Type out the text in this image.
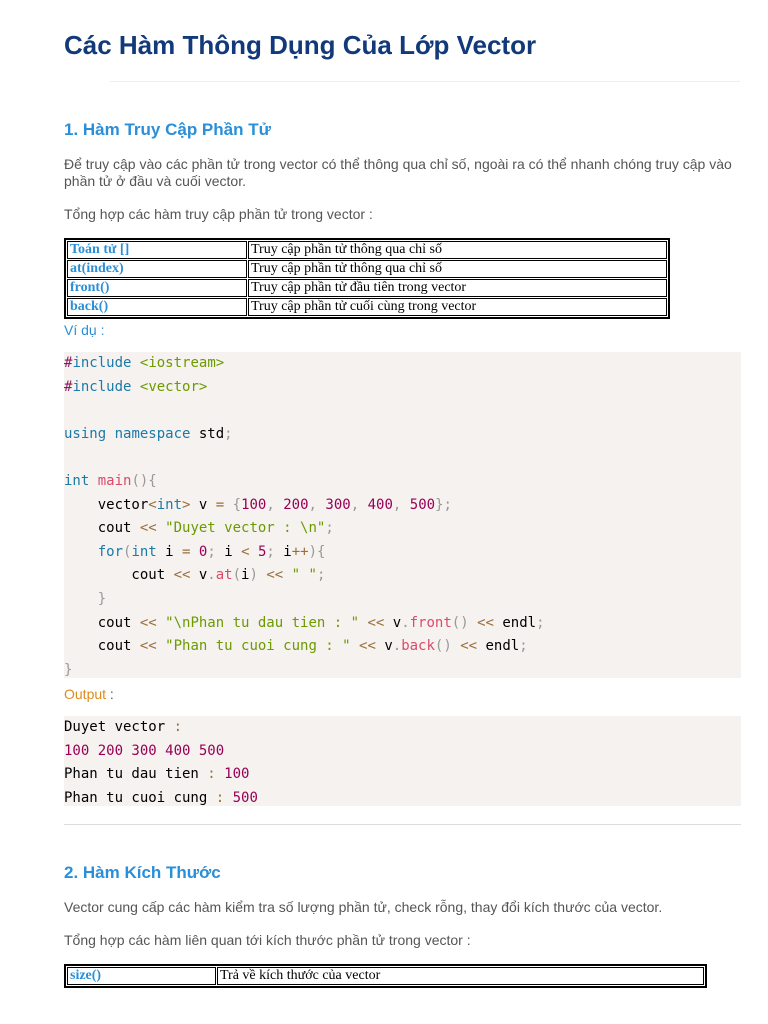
Các Hàm Thông Dụng Của Lớp Vector
1. Hàm Truy Cập Phần Tử
Để truy cập vào các phần tử trong vector có thể thông qua chỉ số, ngoài ra có thể nhanh chóng truy cập vào phần tử ở đầu và cuối vector.
Tổng hợp các hàm truy cập phần tử trong vector :
Toán tử []	Truy cập phần tử thông qua chỉ số
at(index)	Truy cập phần tử thông qua chỉ số
front()	Truy cập phần tử đầu tiên trong vector
back()	Truy cập phần tử cuối cùng trong vector
Ví dụ :
#include <iostream>
#include <vector>

using namespace std;

int main(){
vector<int> v = {100, 200, 300, 400, 500};
cout << "Duyet vector : \n";
for(int i = 0; i < 5; i++){
cout << v.at(i) << " ";
}
cout << "\nPhan tu dau tien : " << v.front() << endl;
cout << "Phan tu cuoi cung : " << v.back() << endl;
}
Output :
Duyet vector :
100 200 300 400 500
Phan tu dau tien : 100
Phan tu cuoi cung : 500
2. Hàm Kích Thước
Vector cung cấp các hàm kiểm tra số lượng phần tử, check rỗng, thay đổi kích thước của vector.
Tổng hợp các hàm liên quan tới kích thước phần tử trong vector :
size()	Trả về kích thước của vector
